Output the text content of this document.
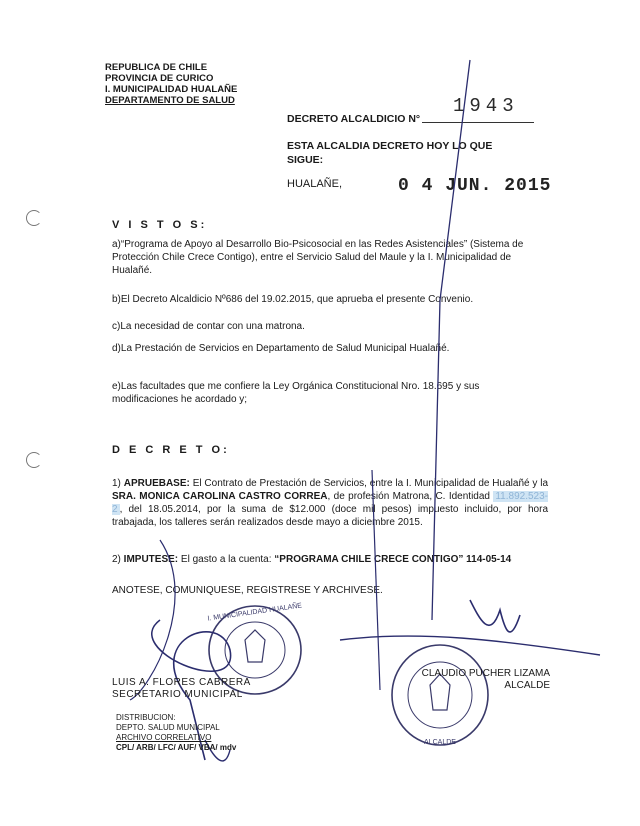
REPUBLICA DE CHILE
PROVINCIA DE CURICO
I. MUNICIPALIDAD HUALAÑE
DEPARTAMENTO DE SALUD
DECRETO ALCALDICIO N°
1943
ESTA ALCALDIA DECRETO HOY LO QUE
SIGUE:
HUALAÑE,	0 4 JUN. 2015
V I S T O S:
a)“Programa de Apoyo al Desarrollo Bio-Psicosocial en las Redes Asistenciales” (Sistema de Protección Chile Crece Contigo), entre el Servicio Salud del Maule y la I. Municipalidad de Hualañé.
b)El Decreto Alcaldicio Nº686 del 19.02.2015, que aprueba el presente Convenio.
c)La necesidad de contar con una matrona.
d)La Prestación de Servicios en Departamento de Salud Municipal Hualañé.
e)Las facultades que me confiere la Ley Orgánica Constitucional Nro. 18.695 y sus modificaciones he acordado y;
D E C R E T O:
1) APRUEBASE: El Contrato de Prestación de Servicios, entre la I. Municipalidad de Hualañé y la SRA. MONICA CAROLINA CASTRO CORREA, de profesión Matrona, C. Identidad 11.892.523-2 , del 18.05.2014, por la suma de $12.000 (doce mil pesos) impuesto incluido, por hora trabajada, los talleres serán realizados desde mayo a diciembre 2015.
2) IMPUTESE: El gasto a la cuenta: “PROGRAMA CHILE CRECE CONTIGO” 114-05-14
ANOTESE, COMUNIQUESE, REGISTRESE Y ARCHIVESE.
I. MUNICIPALIDAD HUALAÑE
ALCALDE
LUIS A. FLORES CABRERA
SECRETARIO MUNICIPAL
CLAUDIO PUCHER LIZAMA
ALCALDE
DISTRIBUCION:
DEPTO. SALUD MUNICIPAL
ARCHIVO CORRELATIVO
CPL/ ARB/ LFC/ AUF/ VBA/ mdv
